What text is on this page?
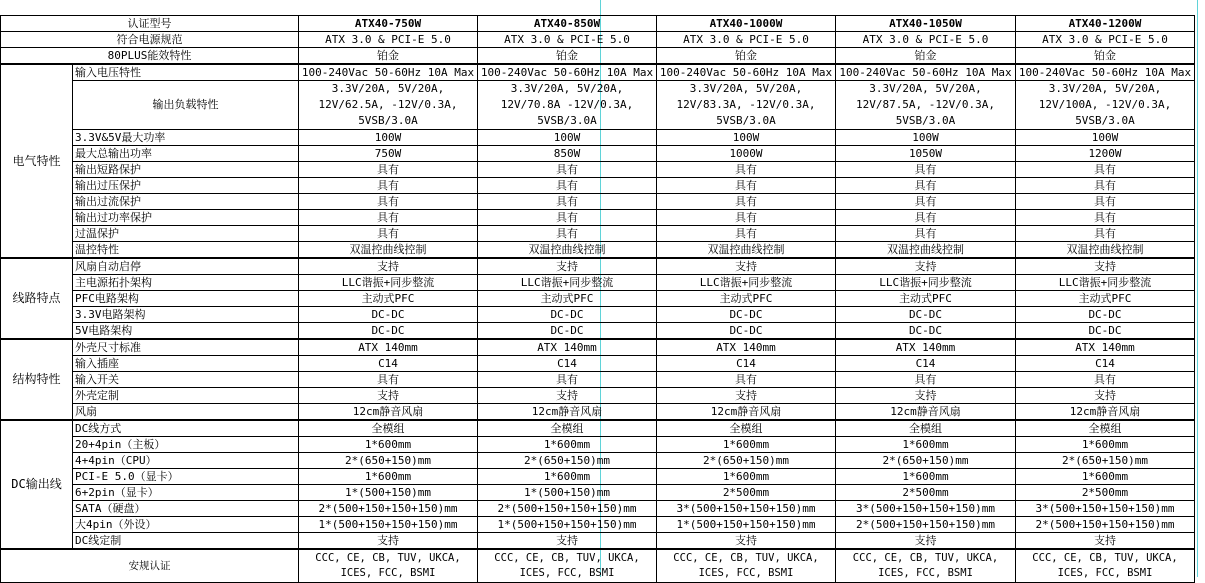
认证型号		ATX40-750W	ATX40-850W	ATX40-1000W	ATX40-1050W	ATX40-1200W
符合电源规范		ATX 3.0 & PCI-E 5.0	ATX 3.0 & PCI-E 5.0	ATX 3.0 & PCI-E 5.0	ATX 3.0 & PCI-E 5.0	ATX 3.0 & PCI-E 5.0
80PLUS能效特性		铂金	铂金	铂金	铂金	铂金
电气特性	输入电压特性	100-240Vac 50-60Hz 10A Max	100-240Vac 50-60Hz 10A Max	100-240Vac 50-60Hz 10A Max	100-240Vac 50-60Hz 10A Max	100-240Vac 50-60Hz 10A Max
	输出负载特性	3.3V/20A, 5V/20A, 12V/62.5A, -12V/0.3A, 5VSB/3.0A	3.3V/20A, 5V/20A, 12V/70.8A -12V/0.3A, 5VSB/3.0A	3.3V/20A, 5V/20A, 12V/83.3A, -12V/0.3A, 5VSB/3.0A	3.3V/20A, 5V/20A, 12V/87.5A, -12V/0.3A, 5VSB/3.0A	3.3V/20A, 5V/20A, 12V/100A, -12V/0.3A, 5VSB/3.0A
	3.3V&5V最大功率	100W	100W	100W	100W	100W
	最大总输出功率	750W	850W	1000W	1050W	1200W
	输出短路保护	具有	具有	具有	具有	具有
	输出过压保护	具有	具有	具有	具有	具有
	输出过流保护	具有	具有	具有	具有	具有
	输出过功率保护	具有	具有	具有	具有	具有
	过温保护	具有	具有	具有	具有	具有
	温控特性	双温控曲线控制	双温控曲线控制	双温控曲线控制	双温控曲线控制	双温控曲线控制
线路特点	风扇自动启停	支持	支持	支持	支持	支持
	主电源拓扑架构	LLC谐振+同步整流	LLC谐振+同步整流	LLC谐振+同步整流	LLC谐振+同步整流	LLC谐振+同步整流
	PFC电路架构	主动式PFC	主动式PFC	主动式PFC	主动式PFC	主动式PFC
	3.3V电路架构	DC-DC	DC-DC	DC-DC	DC-DC	DC-DC
	5V电路架构	DC-DC	DC-DC	DC-DC	DC-DC	DC-DC
结构特性	外壳尺寸标准	ATX 140mm	ATX 140mm	ATX 140mm	ATX 140mm	ATX 140mm
	输入插座	C14	C14	C14	C14	C14
	输入开关	具有	具有	具有	具有	具有
	外壳定制	支持	支持	支持	支持	支持
	风扇	12cm静音风扇	12cm静音风扇	12cm静音风扇	12cm静音风扇	12cm静音风扇
DC输出线	DC线方式	全模组	全模组	全模组	全模组	全模组
	20+4pin（主板）	1*600mm	1*600mm	1*600mm	1*600mm	1*600mm
	4+4pin（CPU）	2*(650+150)mm	2*(650+150)mm	2*(650+150)mm	2*(650+150)mm	2*(650+150)mm
	PCI-E 5.0（显卡）	1*600mm	1*600mm	1*600mm	1*600mm	1*600mm
	6+2pin（显卡）	1*(500+150)mm	1*(500+150)mm	2*500mm	2*500mm	2*500mm
	SATA（硬盘）	2*(500+150+150+150)mm	2*(500+150+150+150)mm	3*(500+150+150+150)mm	3*(500+150+150+150)mm	3*(500+150+150+150)mm
	大4pin（外设）	1*(500+150+150+150)mm	1*(500+150+150+150)mm	1*(500+150+150+150)mm	2*(500+150+150+150)mm	2*(500+150+150+150)mm
	DC线定制	支持	支持	支持	支持	支持
安规认证		CCC, CE, CB, TUV, UKCA, ICES, FCC, BSMI	CCC, CE, CB, TUV, UKCA, ICES, FCC, BSMI	CCC, CE, CB, TUV, UKCA, ICES, FCC, BSMI	CCC, CE, CB, TUV, UKCA, ICES, FCC, BSMI	CCC, CE, CB, TUV, UKCA, ICES, FCC, BSMI
